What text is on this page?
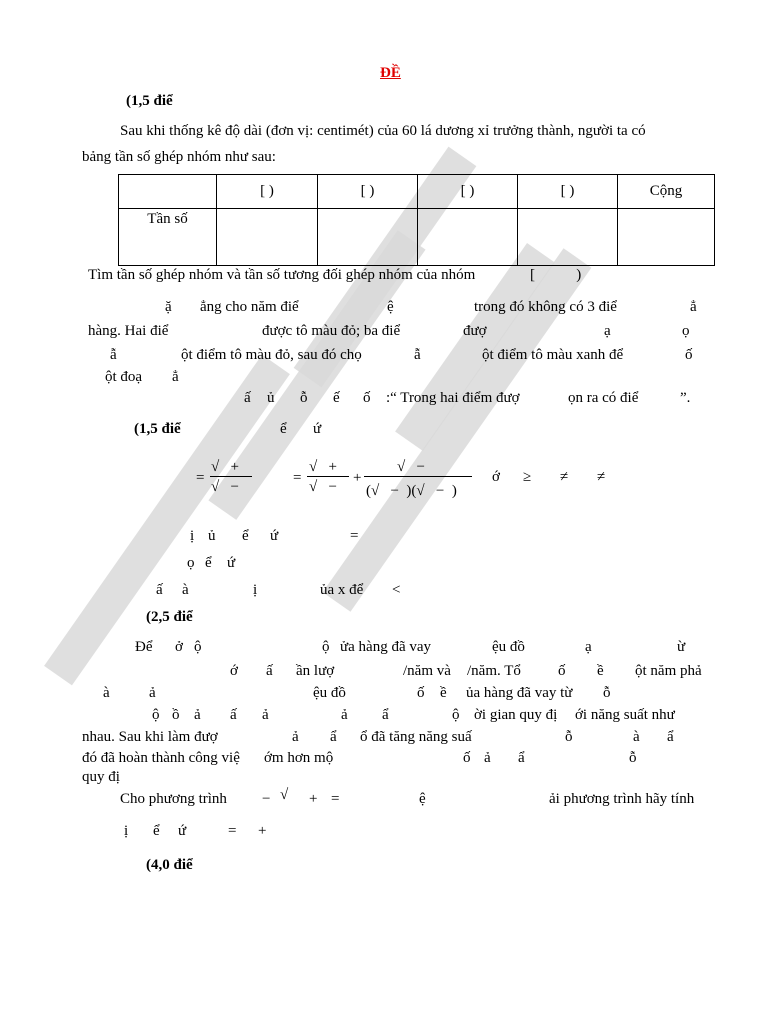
ĐỀ
(1,5 điể
Sau khi thống kê độ dài (đơn vị: centimét) của 60 lá dương xỉ trưởng thành, người ta có
bảng tần số ghép nhóm như sau:
	[ )	[ )	[ )	[ )	Cộng
Tần số					
Tìm tần số ghép nhóm và tần số tương đối ghép nhóm của nhóm	[           )
ặ ẳng cho năm điể	ệ	trong đó không có 3 điể	ẳ
hàng. Hai điể	được tô màu đỏ; ba điể	đượ	ạ	ọ
ẫ	ột điểm tô màu đỏ, sau đó chọ	ẫ	ột điểm tô màu xanh để	ố
ột đoạ ẳ
ấ ủ ỗ ế ố :“ Trong hai điểm đượ	ọn ra có điể	”.
(1,5 điể	ể ứ
=
√   +
√   −
=
√   +
√   −
+
√   −
(√   −  )(√   −  )
ớ ≥ ≠ ≠
ị ủ ể ứ	=
ọ ể ứ
ấ à	ị	ủa x để <
(2,5 điể
Để ở ộ	ộ ửa hàng đã vay	ệu đồ	ạ	ừ
ớ ấ ần lượ	/năm và /năm. Tổ ố ề ột năm phả
à	ả	ệu đồ	ố ề ủa hàng đã vay từ ỗ
ộ ồ ả ấ ả	ả ẩ	ộ ời gian quy đị ới năng suất như
nhau. Sau khi làm đượ	ả ẩ ổ đã tăng năng suấ	ỗ	à ẩ
đó đã hoàn thành công việ ớm hơn mộ	ố ả ẩ	ỗ
quy đị
Cho phương trình − √ + =	ệ	ải phương trình hãy tính
ị ể ứ	= +
(4,0 điể
